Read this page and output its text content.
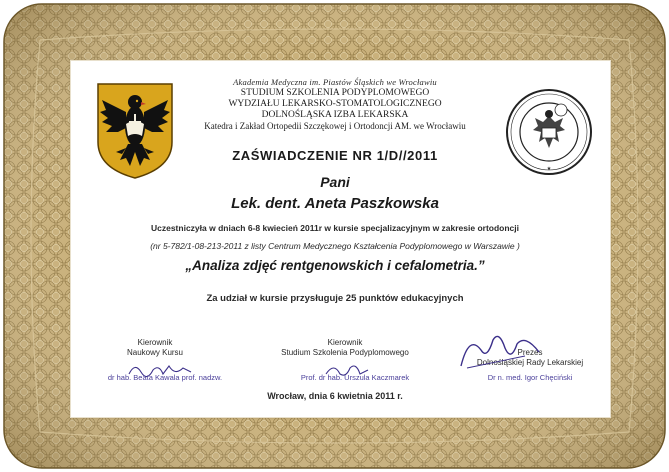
★
Akademia Medyczna im. Piastów Śląskich we Wrocławiu
STUDIUM SZKOLENIA PODYPLOMOWEGO
WYDZIAŁU LEKARSKO-STOMATOLOGICZNEGO
DOLNOŚLĄSKA IZBA LEKARSKA
Katedra i Zakład Ortopedii Szczękowej i Ortodoncji AM. we Wrocławiu
ZAŚWIADCZENIE NR 1/D//2011
Pani
Lek. dent. Aneta Paszkowska
Uczestniczyła w dniach 6-8 kwiecień 2011r w kursie specjalizacyjnym w zakresie ortodoncji
(nr 5-782/1-08-213-2011 z listy Centrum Medycznego Kształcenia Podyplomowego w Warszawie )
„Analiza zdjęć rentgenowskich i cefalometria.”
Za udział w kursie przysługuje 25 punktów edukacyjnych
Kierownik
Naukowy Kursu
Kierownik
Studium Szkolenia Podyplomowego	Prezes
Dolnośląskiej Rady Lekarskiej
dr hab. Beata Kawala prof. nadzw.	Prof. dr hab. Urszula Kaczmarek	Dr n. med. Igor Chęciński
Wrocław, dnia 6 kwietnia 2011 r.
